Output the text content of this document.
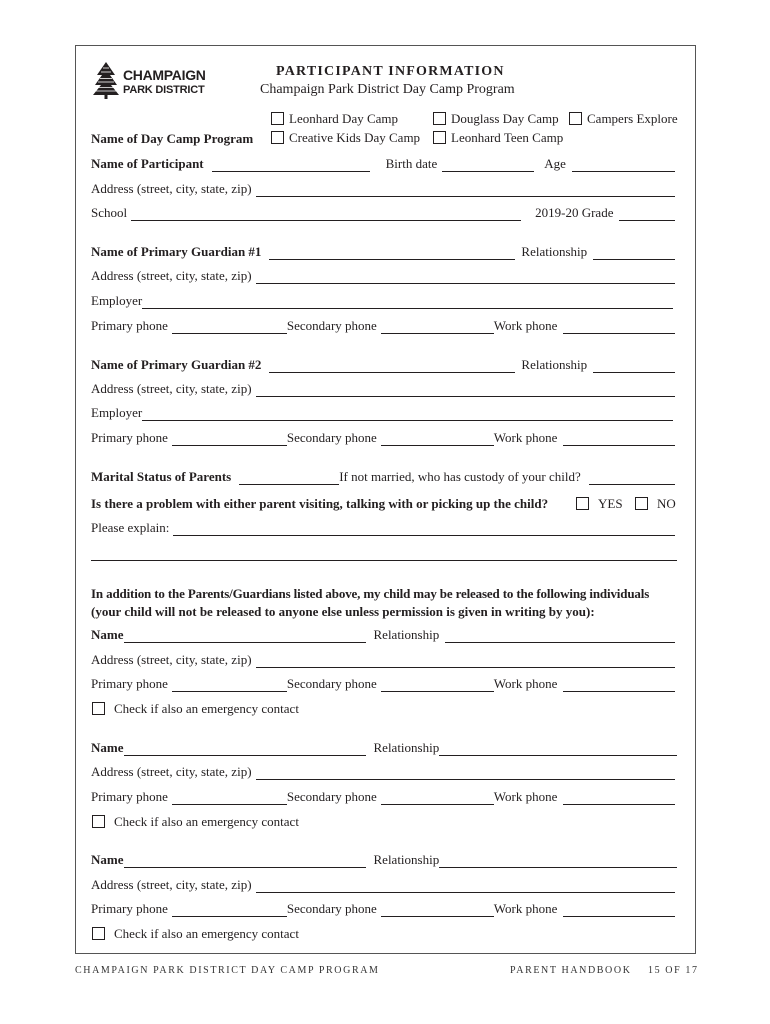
CHAMPAIGN
PARK DISTRICT
PARTICIPANT INFORMATION
Champaign Park District Day Camp Program
Leonhard Day Camp	Douglass Day Camp Campers Explore
Name of Day Camp Program	Creative Kids Day Camp Leonhard Teen Camp
Name of Participant	Birth date	Age
Address (street, city, state, zip)
School	2019-20 Grade
Name of Primary Guardian #1	Relationship
Address (street, city, state, zip)
Employer
Primary phone	Secondary phone	Work phone
Name of Primary Guardian #2	Relationship
Address (street, city, state, zip)
Employer
Primary phone	Secondary phone	Work phone
Marital Status of Parents	If not married, who has custody of your child?
Is there a problem with either parent visiting, talking with or picking up the child?	YES	NO
Please explain:
In addition to the Parents/Guardians listed above, my child may be released to the following individuals
(your child will not be released to anyone else unless permission is given in writing by you):
Name	Relationship
Address (street, city, state, zip)
Primary phone	Secondary phone	Work phone
Check if also an emergency contact
Name	Relationship
Address (street, city, state, zip)
Primary phone	Secondary phone	Work phone
Check if also an emergency contact
Name	Relationship
Address (street, city, state, zip)
Primary phone	Secondary phone	Work phone
Check if also an emergency contact
CHAMPAIGN PARK DISTRICT DAY CAMP PROGRAM	PARENT HANDBOOK 15 OF 17
